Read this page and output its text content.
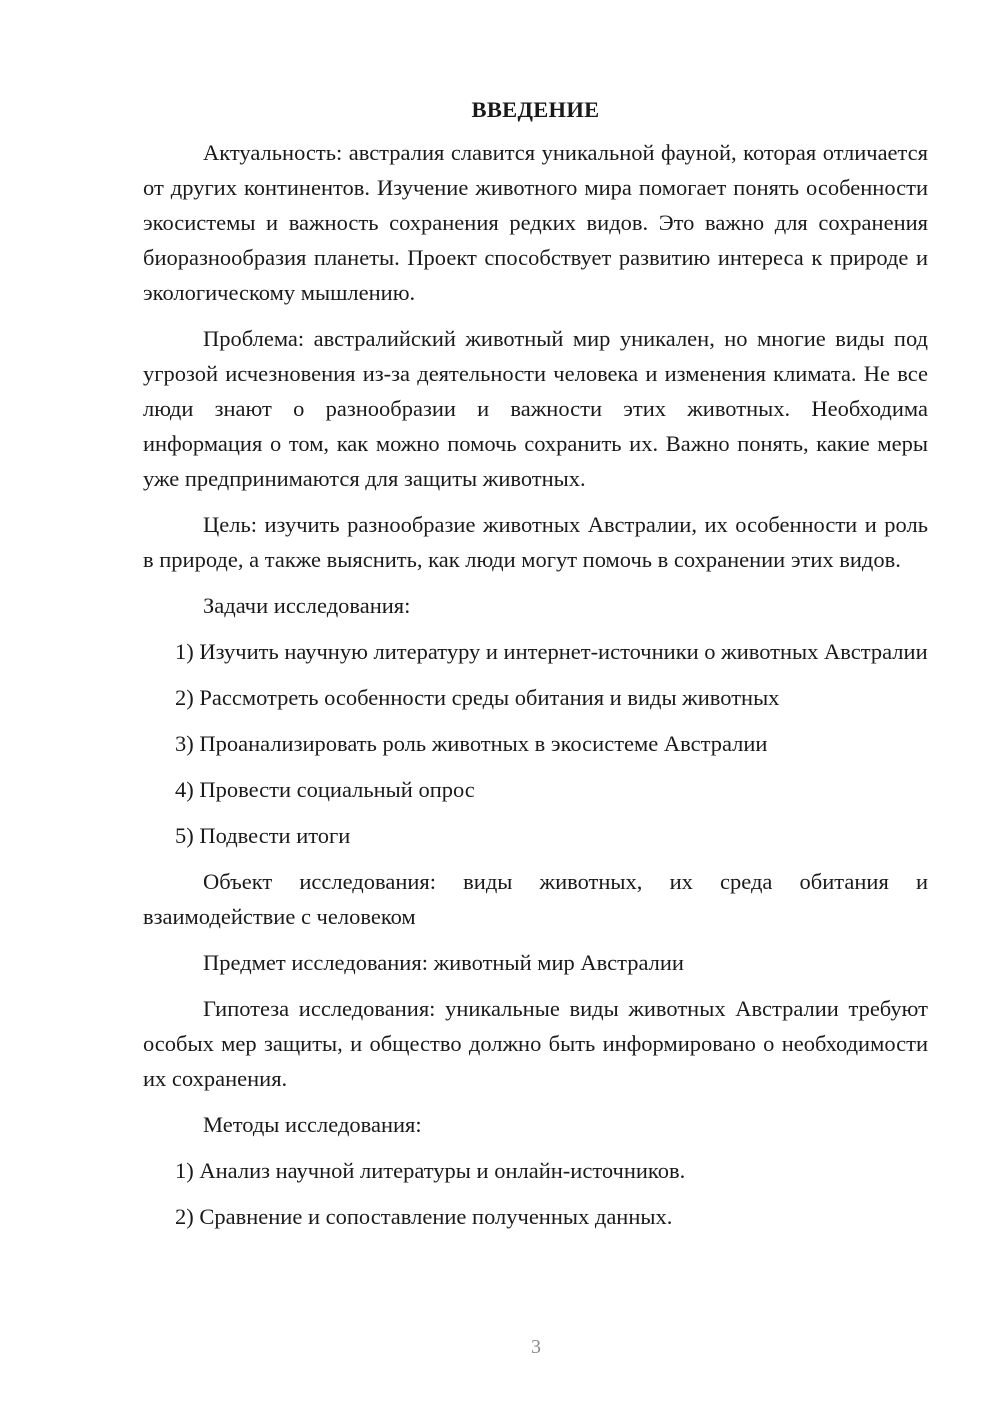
ВВЕДЕНИЕ

Актуальность: австралия славится уникальной фауной, которая отличается от других континентов. Изучение животного мира помогает понять особенности экосистемы и важность сохранения редких видов. Это важно для сохранения биоразнообразия планеты. Проект способствует развитию интереса к природе и экологическому мышлению.

Проблема: австралийский животный мир уникален, но многие виды под угрозой исчезновения из-за деятельности человека и изменения климата. Не все люди знают о разнообразии и важности этих животных. Необходима информация о том, как можно помочь сохранить их. Важно понять, какие меры уже предпринимаются для защиты животных.

Цель: изучить разнообразие животных Австралии, их особенности и роль в природе, а также выяснить, как люди могут помочь в сохранении этих видов.

Задачи исследования:

1) Изучить научную литературу и интернет-источники о животных Австралии

2) Рассмотреть особенности среды обитания и виды животных

3) Проанализировать роль животных в экосистеме Австралии

4) Провести социальный опрос

5) Подвести итоги

Объект исследования: виды животных, их среда обитания и взаимодействие с человеком

Предмет исследования: животный мир Австралии

Гипотеза исследования: уникальные виды животных Австралии требуют особых мер защиты, и общество должно быть информировано о необходимости их сохранения.

Методы исследования:

1) Анализ научной литературы и онлайн-источников.

2) Сравнение и сопоставление полученных данных.

3
